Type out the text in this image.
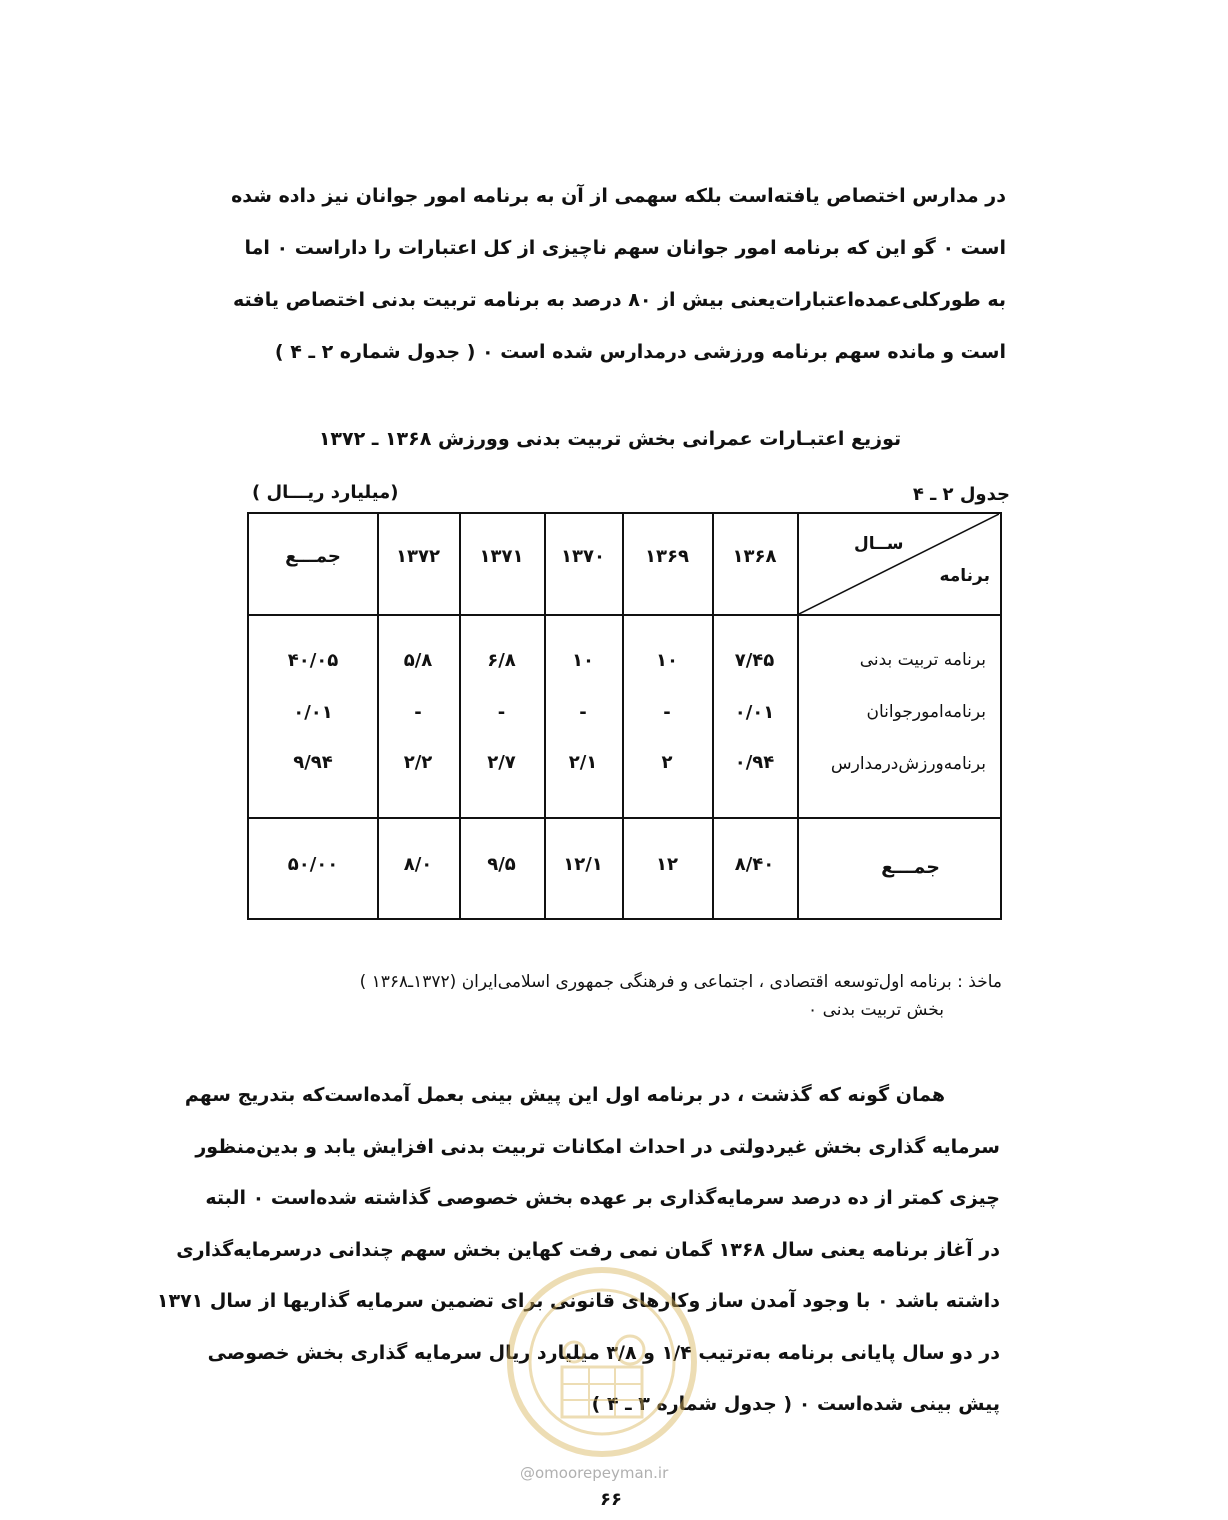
در مدارس اختصاص یافته‌است بلکه سهمی از آن به برنامه امور جوانان نیز داده شده

است ۰ گو این که برنامه امور جوانان سهم ناچیزی از کل اعتبارات را داراست ۰ اما

به طورکلی‌عمده‌اعتبارات‌یعنی بیش از ۸۰ درصد به برنامه تربیت بدنی اختصاص یافته

است و مانده سهم برنامه ورزشی درمدارس شده است ۰ ( جدول شماره ۲ ـ ۴ )

توزیع اعتبـارات عمرانی بخش تربیت بدنی وورزش ۱۳۶۸ ـ ۱۳۷۲
جدول ۲ ـ ۴
(میلیارد ریـــال )
ســال
برنامه
۱۳۶۸
۱۳۶۹
۱۳۷۰
۱۳۷۱
۱۳۷۲
جمـــع
برنامه تربیت بدنی
۷/۴۵
۱۰
۱۰
۶/۸
۵/۸
۴۰/۰۵
برنامه‌امورجوانان
۰/۰۱
-
-
-
-
۰/۰۱
برنامه‌ورزش‌درمدارس
۰/۹۴
۲
۲/۱
۲/۷
۲/۲
۹/۹۴
جمـــع
۸/۴۰
۱۲
۱۲/۱
۹/۵
۸/۰
۵۰/۰۰

ماخذ : برنامه اول‌توسعه اقتصادی ، اجتماعی و فرهنگی جمهوری اسلامی‌ایران (۱۳۷۲ـ۱۳۶۸ )

بخش تربیت بدنی ۰

همان گونه که گذشت ، در برنامه اول این پیش بینی بعمل آمده‌است‌که بتدریج سهم

سرمایه گذاری بخش غیردولتی در احداث امکانات تربیت بدنی افزایش یابد و بدین‌منظور

چیزی کمتر از ده درصد سرمایه‌گذاری بر عهده بخش خصوصی گذاشته شده‌است ۰ البته

در آغاز برنامه یعنی سال ۱۳۶۸ گمان نمی رفت کهاین بخش سهم چندانی درسرمایه‌گذاری

داشته باشد ۰ با وجود آمدن ساز وکارهای قانونی برای تضمین سرمایه گذاریها از سال ۱۳۷۱

در دو سال پایانی برنامه به‌ترتیب ۱/۴ و ۳/۸ میلیارد ریال سرمایه گذاری بخش خصوصی

پیش بینی شده‌است ۰ ( جدول شماره ۳ ـ ۴ )

@omoorepeyman.ir
۶۶
